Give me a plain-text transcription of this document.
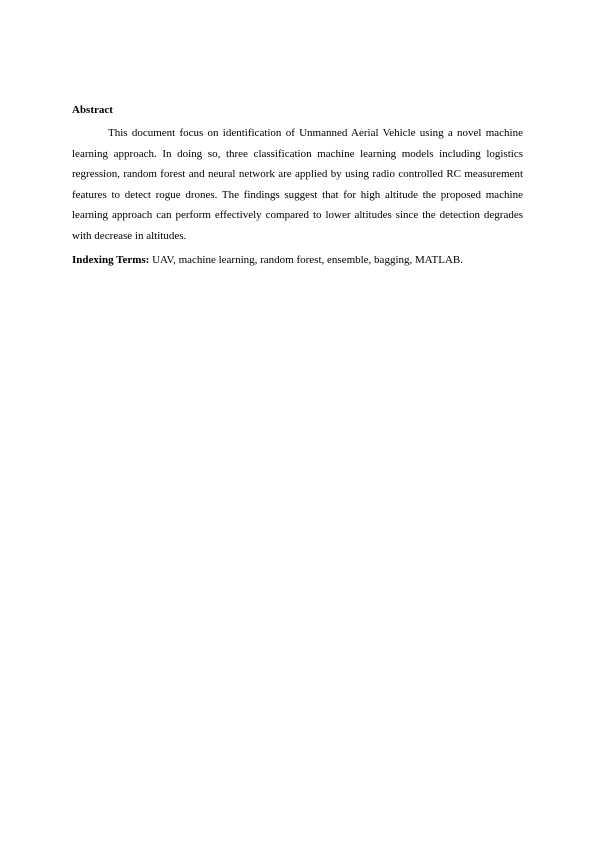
Abstract

This document focus on identification of Unmanned Aerial Vehicle using a novel machine learning approach. In doing so, three classification machine learning models including logistics regression, random forest and neural network are applied by using radio controlled RC measurement features to detect rogue drones. The findings suggest that for high altitude the proposed machine learning approach can perform effectively compared to lower altitudes since the detection degrades with decrease in altitudes.

Indexing Terms: UAV, machine learning, random forest, ensemble, bagging, MATLAB.
